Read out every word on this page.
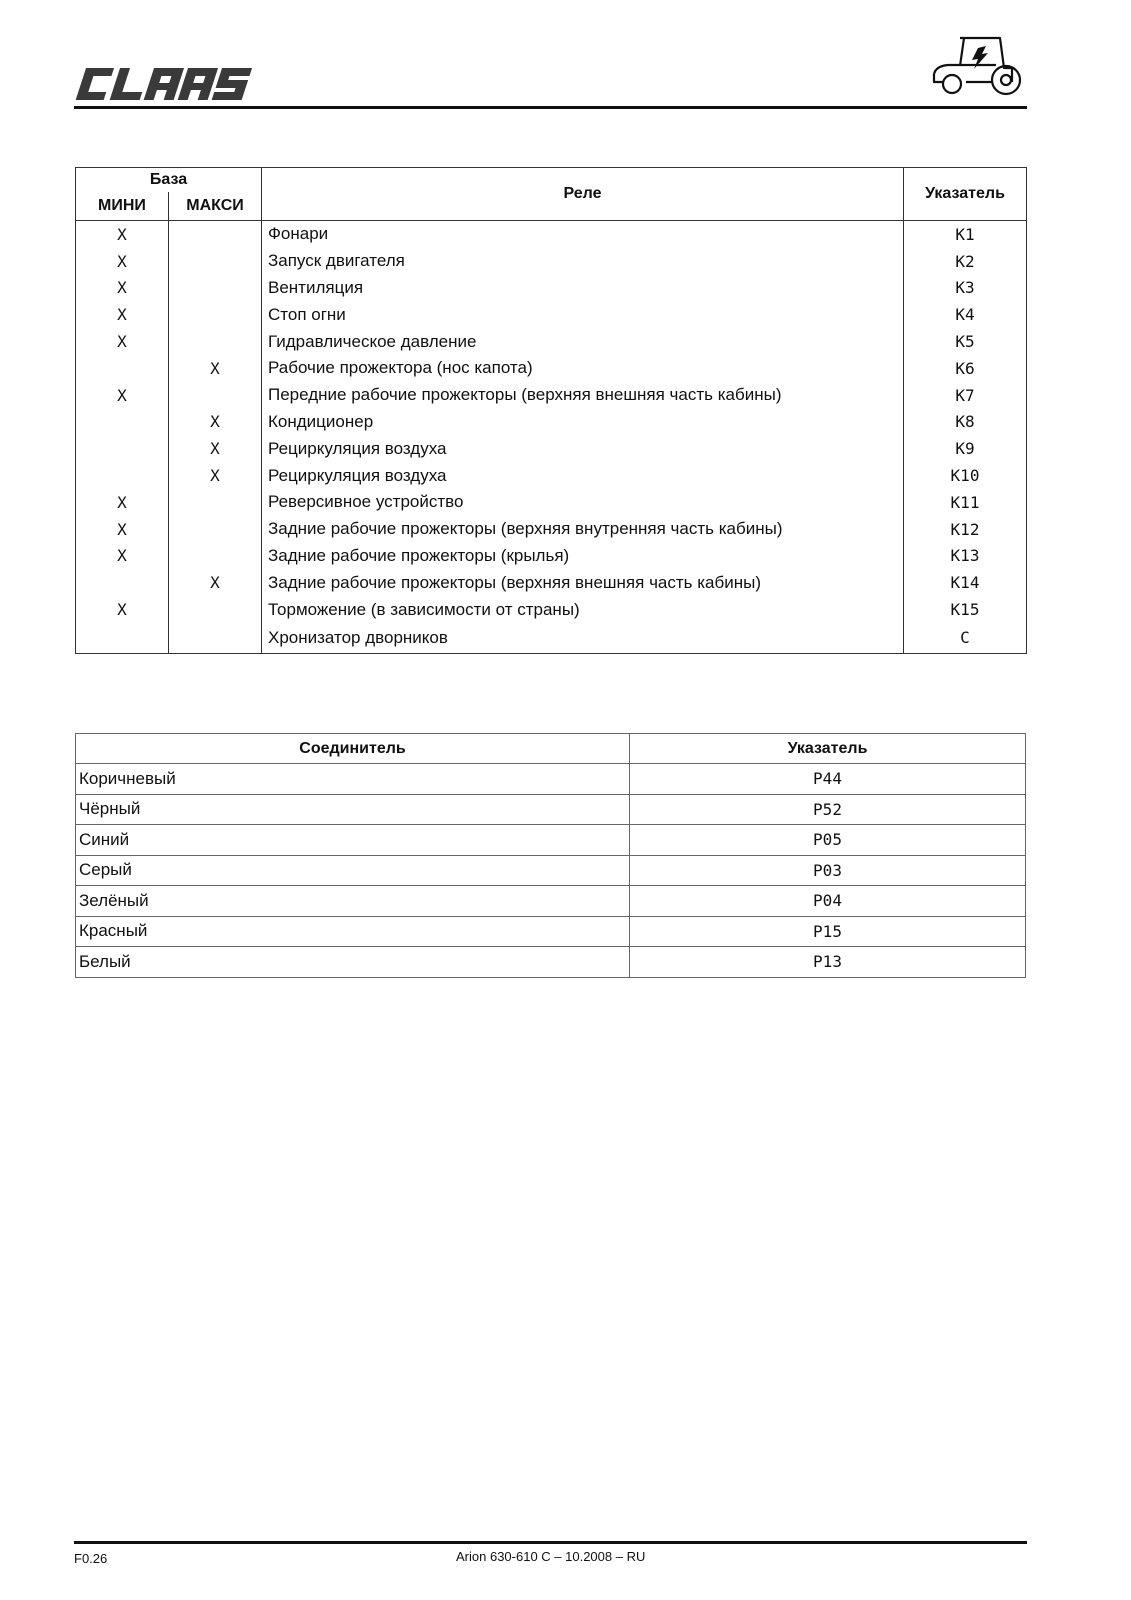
CLAAS
База		Реле	Указатель
МИНИ	МАКСИ		
X		Фонари	K1
X		Запуск двигателя	K2
X		Вентиляция	K3
X		Стоп огни	K4
X		Гидравлическое давление	K5
	X	Рабочие прожектора (нос капота)	K6
X		Передние рабочие прожекторы (верхняя внешняя часть кабины)	K7
	X	Кондиционер	K8
	X	Рециркуляция воздуха	K9
	X	Рециркуляция воздуха	K10
X		Реверсивное устройство	K11
X		Задние рабочие прожекторы (верхняя внутренняя часть кабины)	K12
X		Задние рабочие прожекторы (крылья)	K13
	X	Задние рабочие прожекторы (верхняя внешняя часть кабины)	K14
X		Торможение (в зависимости от страны)	K15
		Хронизатор дворников	C
Соединитель	Указатель
Коричневый	P44
Чёрный	P52
Синий	P05
Серый	P03
Зелёный	P04
Красный	P15
Белый	P13
F0.26	Arion 630-610 C – 10.2008 – RU
